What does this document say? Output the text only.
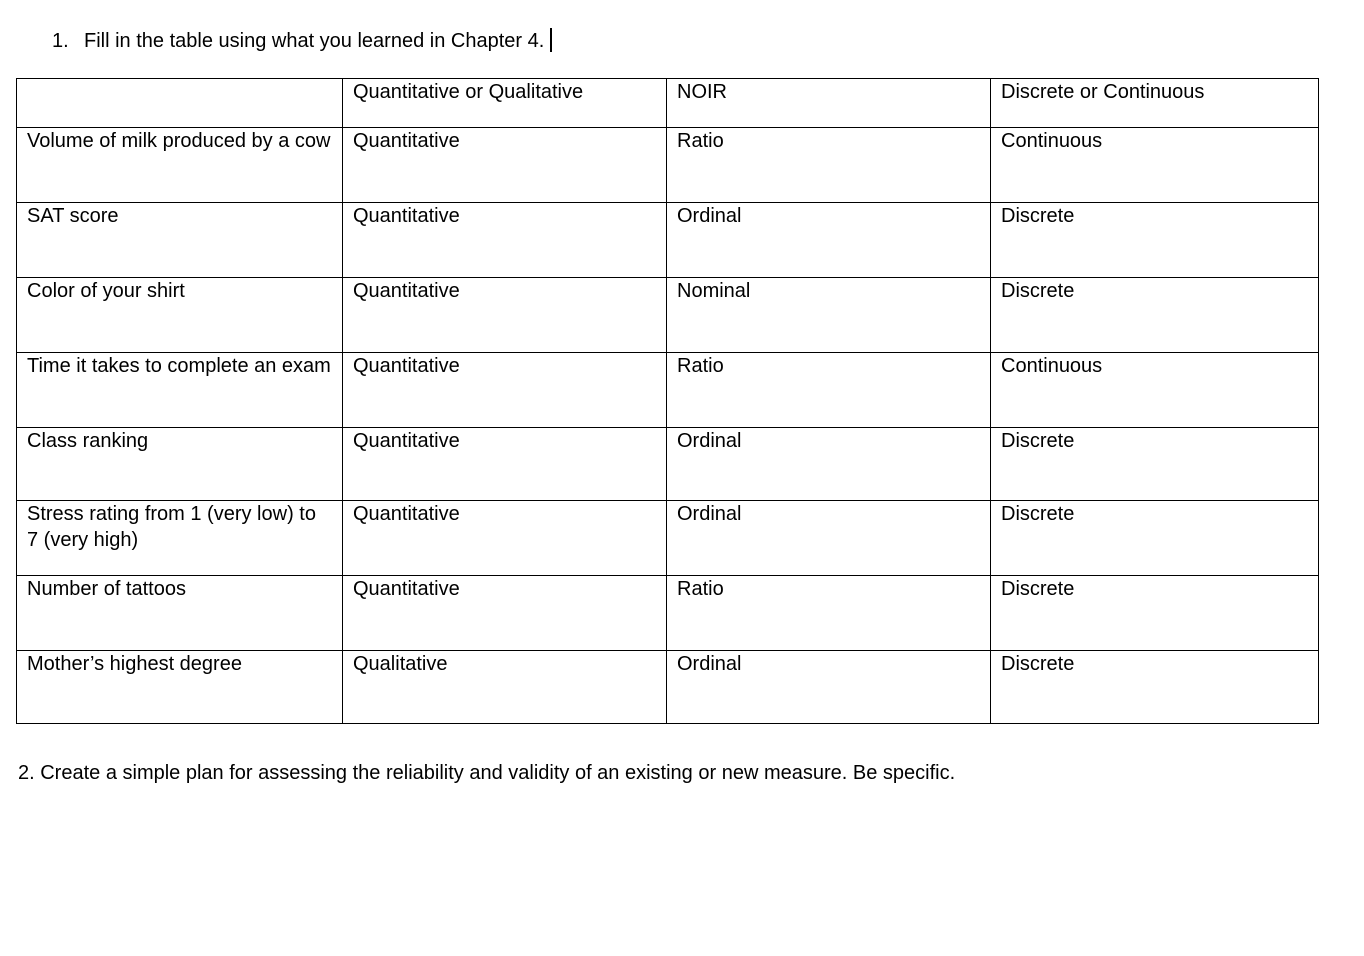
1. Fill in the table using what you learned in Chapter 4.
	Quantitative or Qualitative	NOIR	Discrete or Continuous
Volume of milk produced by a cow	Quantitative	Ratio	Continuous
SAT score	Quantitative	Ordinal	Discrete
Color of your shirt	Quantitative	Nominal	Discrete
Time it takes to complete an exam	Quantitative	Ratio	Continuous
Class ranking	Quantitative	Ordinal	Discrete
Stress rating from 1 (very low) to 7 (very high)	Quantitative	Ordinal	Discrete
Number of tattoos	Quantitative	Ratio	Discrete
Mother’s highest degree	Qualitative	Ordinal	Discrete
2. Create a simple plan for assessing the reliability and validity of an existing or new measure. Be specific.
